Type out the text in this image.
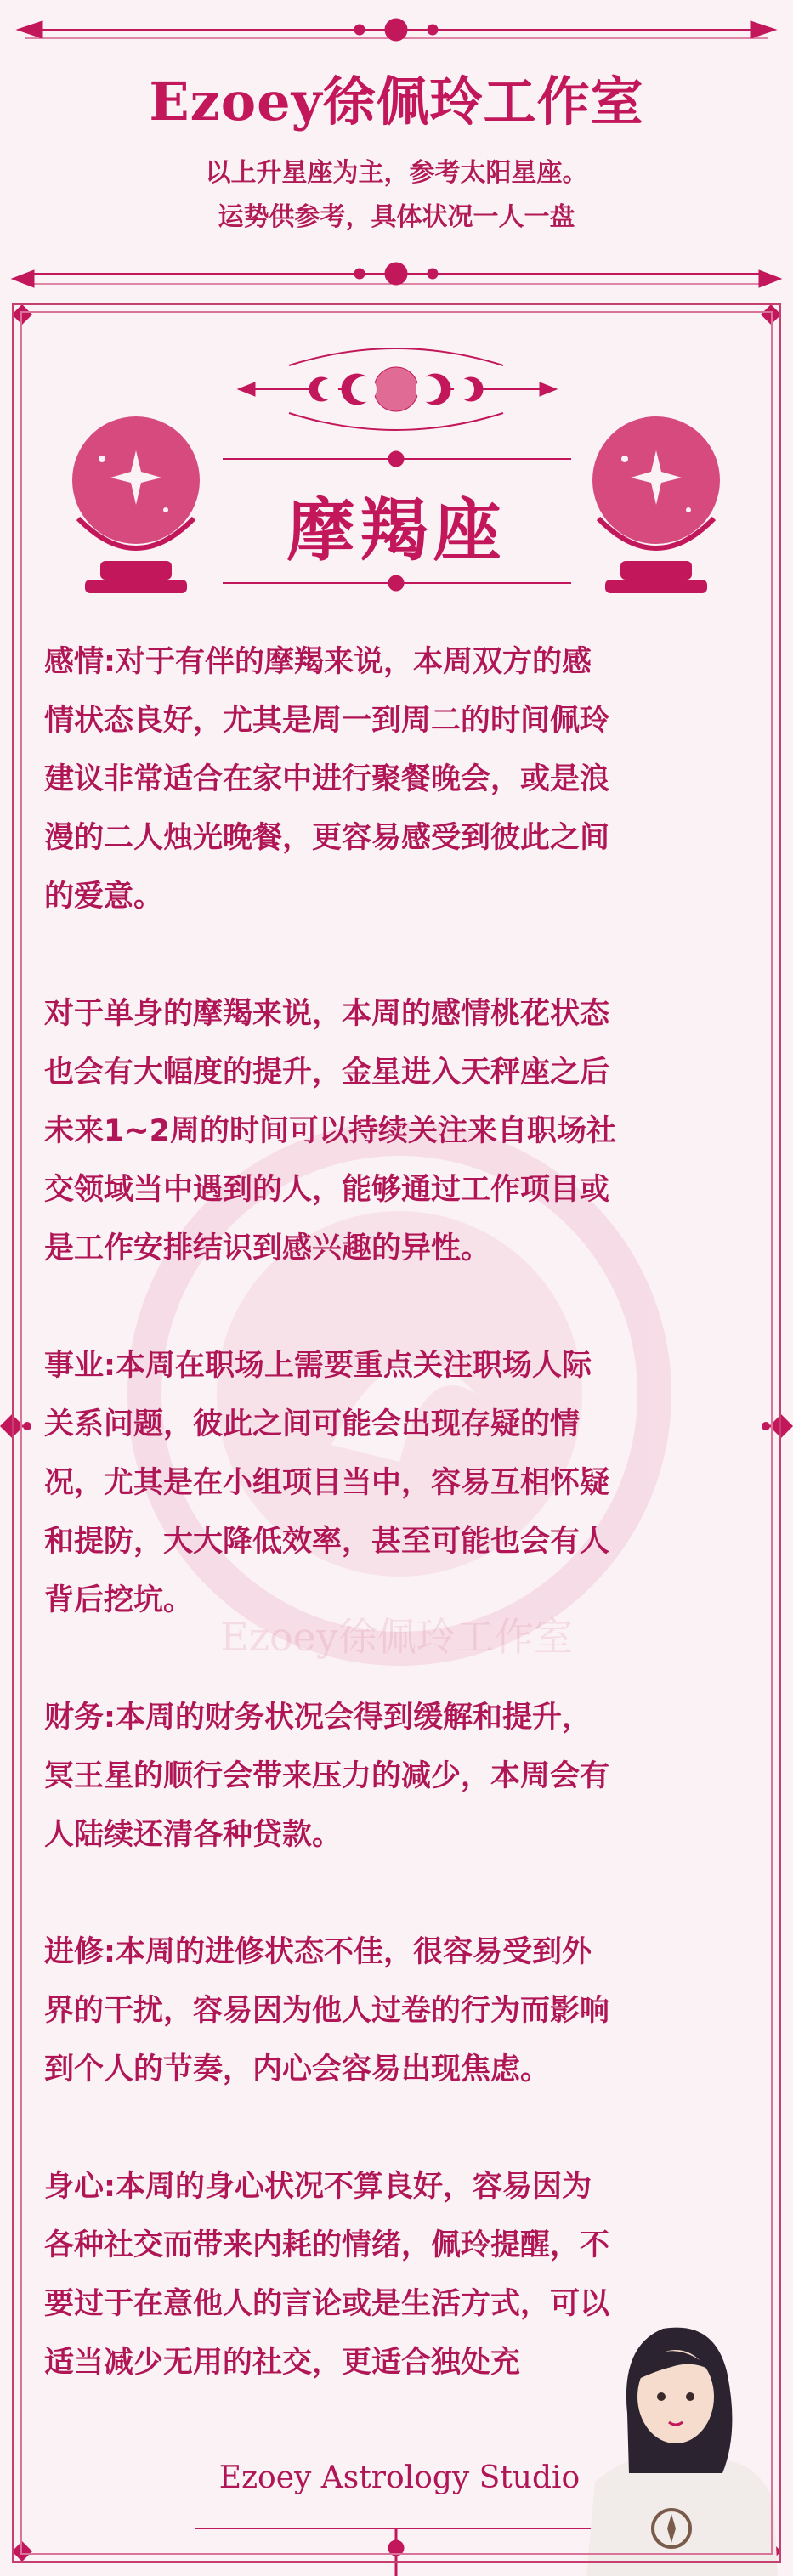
Ezoey徐佩玲工作室
以上升星座为主，参考太阳星座。
运势供参考，具体状况一人一盘
摩羯座
Ezoey徐佩玲工作室
感情:对于有伴的摩羯来说，本周双方的感
情状态良好，尤其是周一到周二的时间佩玲
建议非常适合在家中进行聚餐晚会，或是浪
漫的二人烛光晚餐，更容易感受到彼此之间
的爱意。
对于单身的摩羯来说，本周的感情桃花状态
也会有大幅度的提升，金星进入天秤座之后
未来1~2周的时间可以持续关注来自职场社
交领域当中遇到的人，能够通过工作项目或
是工作安排结识到感兴趣的异性。
事业:本周在职场上需要重点关注职场人际
关系问题，彼此之间可能会出现存疑的情
况，尤其是在小组项目当中，容易互相怀疑
和提防，大大降低效率，甚至可能也会有人
背后挖坑。
财务:本周的财务状况会得到缓解和提升，
冥王星的顺行会带来压力的减少，本周会有
人陆续还清各种贷款。
进修:本周的进修状态不佳，很容易受到外
界的干扰，容易因为他人过卷的行为而影响
到个人的节奏，内心会容易出现焦虑。
身心:本周的身心状况不算良好，容易因为
各种社交而带来内耗的情绪，佩玲提醒，不
要过于在意他人的言论或是生活方式，可以
适当减少无用的社交，更适合独处充
Ezoey Astrology Studio
